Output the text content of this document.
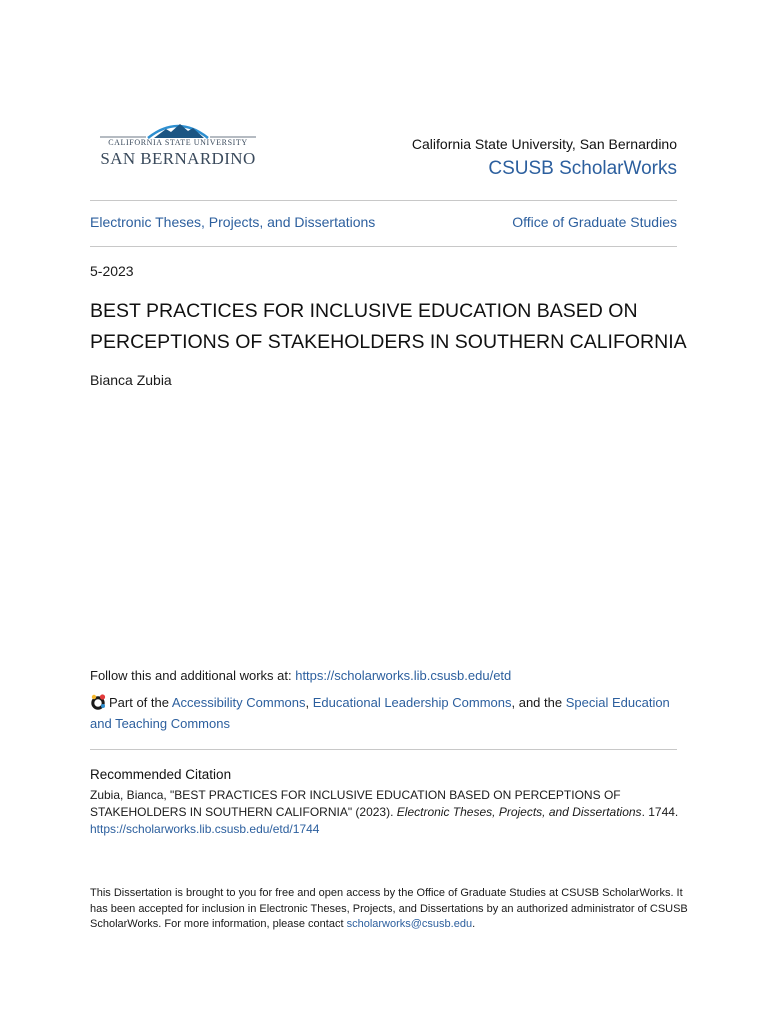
CALIFORNIA STATE UNIVERSITY
SAN BERNARDINO
California State University, San Bernardino
CSUSB ScholarWorks
Electronic Theses, Projects, and Dissertations	Office of Graduate Studies
5-2023
BEST PRACTICES FOR INCLUSIVE EDUCATION BASED ON PERCEPTIONS OF STAKEHOLDERS IN SOUTHERN CALIFORNIA
Bianca Zubia
Follow this and additional works at: https://scholarworks.lib.csusb.edu/etd
Part of the Accessibility Commons, Educational Leadership Commons, and the Special Education and Teaching Commons
Recommended Citation
Zubia, Bianca, "BEST PRACTICES FOR INCLUSIVE EDUCATION BASED ON PERCEPTIONS OF STAKEHOLDERS IN SOUTHERN CALIFORNIA" (2023). Electronic Theses, Projects, and Dissertations. 1744.
https://scholarworks.lib.csusb.edu/etd/1744
This Dissertation is brought to you for free and open access by the Office of Graduate Studies at CSUSB ScholarWorks. It has been accepted for inclusion in Electronic Theses, Projects, and Dissertations by an authorized administrator of CSUSB ScholarWorks. For more information, please contact scholarworks@csusb.edu.
